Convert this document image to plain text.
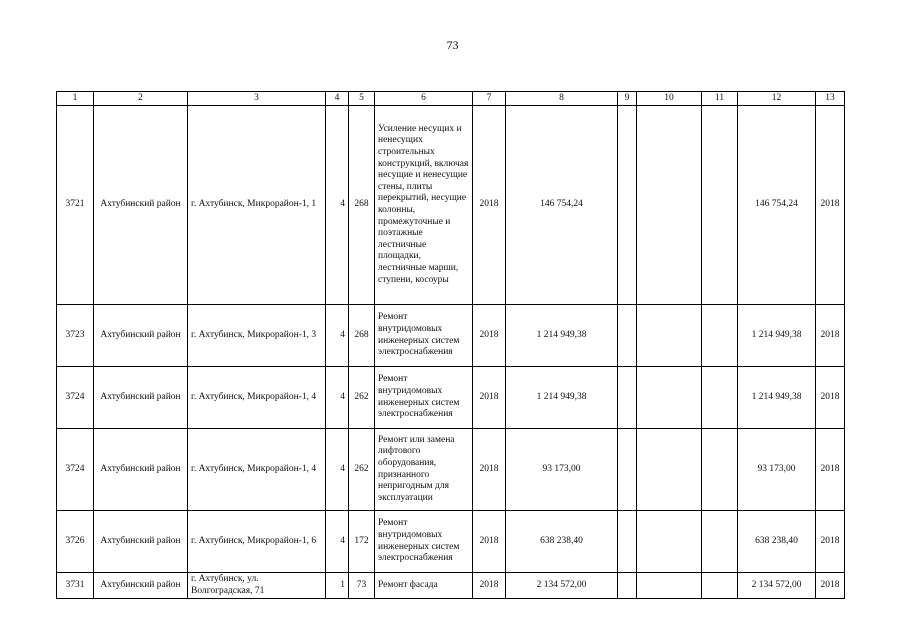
73
1	2	3	4	5	6	7	8	9	10	11	12	13
3721	Ахтубинский район	г. Ахтубинск, Микрорайон-1, 1	4	268	Усиление несущих и ненесущих строительных конструкций, включая несущие и ненесущие стены, плиты перекрытий, несущие колонны, промежуточные и поэтажные лестничные площадки, лестничные марши, ступени, косоуры	2018	146 754,24				146 754,24	2018
3723	Ахтубинский район	г. Ахтубинск, Микрорайон-1, 3	4	268	Ремонт внутридомовых инженерных систем электроснабжения	2018	1 214 949,38				1 214 949,38	2018
3724	Ахтубинский район	г. Ахтубинск, Микрорайон-1, 4	4	262	Ремонт внутридомовых инженерных систем электроснабжения	2018	1 214 949,38				1 214 949,38	2018
3724	Ахтубинский район	г. Ахтубинск, Микрорайон-1, 4	4	262	Ремонт или замена лифтового оборудования, признанного непригодным для эксплуатации	2018	93 173,00				93 173,00	2018
3726	Ахтубинский район	г. Ахтубинск, Микрорайон-1, 6	4	172	Ремонт внутридомовых инженерных систем электроснабжения	2018	638 238,40				638 238,40	2018
3731	Ахтубинский район	г. Ахтубинск, ул. Волгоградская, 71	1	73	Ремонт фасада	2018	2 134 572,00				2 134 572,00	2018
